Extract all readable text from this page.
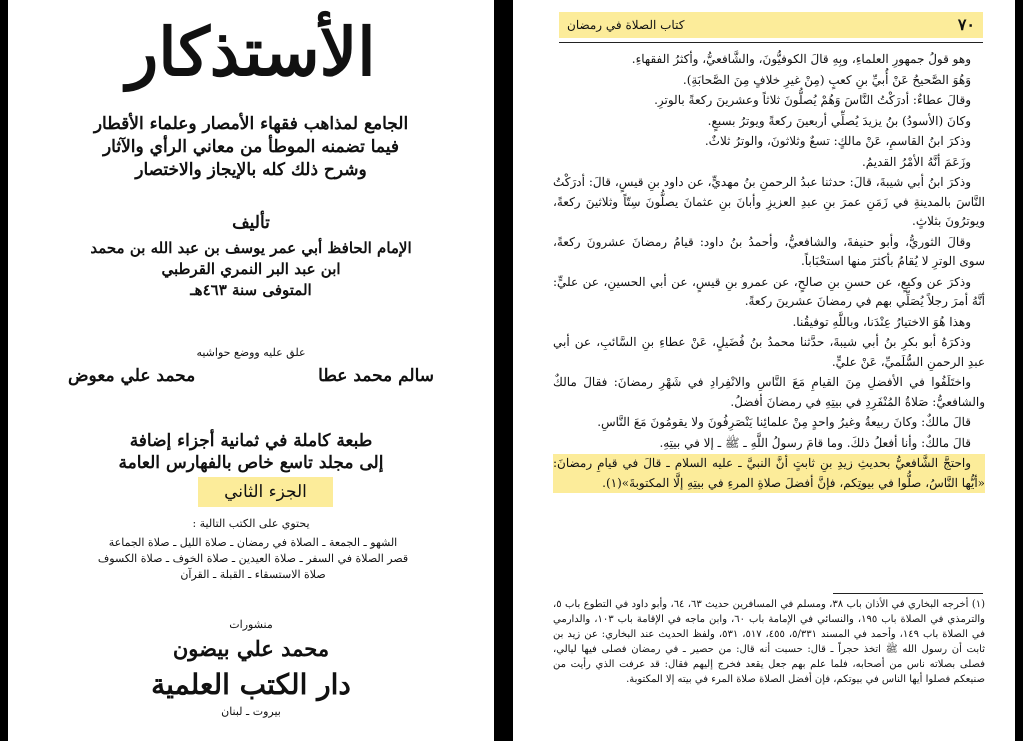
الأستذكار
الجامع لمذاهب فقهاء الأمصار وعلماء الأقطار
فيما تضمنه الموطأ من معاني الرأي والآثار
وشرح ذلك كله بالإيجاز والاختصار
تأليف
الإمام الحافظ أبي عمر يوسف بن عبد الله بن محمد
ابن عبد البر النمري القرطبي
المتوفى سنة ٤٦٣هـ
علق عليه ووضع حواشيه
سالم محمد عطا
محمد علي معوض
طبعة كاملة في ثمانية أجزاء إضافة
إلى مجلد تاسع خاص بالفهارس العامة
الجزء الثاني
يحتوي على الكتب التالية :
الشهو ـ الجمعة ـ الصلاة في رمضان ـ صلاة الليل ـ صلاة الجماعة
قصر الصلاة في السفر ـ صلاة العيدين ـ صلاة الخوف ـ صلاة الكسوف
صلاة الاستسقاء ـ القبلة ـ القرآن
منشورات
محمد علي بيضون
دار الكتب العلمية
بيروت ـ لبنان
٧٠
كتاب الصلاة في رمضان

وهو قولُ جمهورِ العلماءِ، وبِهِ قالَ الكوفيُّونَ، والشَّافعيُّ، وأكثرُ الفقهاءِ.

وَهُوَ الصَّحيحُ عَنْ أُبيِّ بنِ كعبٍ (مِنْ غيرِ خلافٍ مِنَ الصَّحابَةِ).

وقالَ عطاءٌ: أدرَكْتُ النَّاسَ وَهُمْ يُصلُّونَ ثلاثاً وعشرينَ ركعةً بالوترِ.

وكانَ (الأسودُ) بنُ يزيدَ يُصلِّي أربعينَ ركعةً ويوترُ بسبعٍ.

وذكرَ ابنُ القاسمِ، عَنْ مالكٍ: تسعٌ وثلاثونَ، والوترُ ثلاثٌ.

وزَعَمَ أنَّهُ الأمْرُ القديمُ.

وذكرَ ابنُ أبي شيبةَ، قالَ: حدثنا عبدُ الرحمنِ بنُ مهديٍّ، عن داود بنِ قيسٍ، قالَ: أدرَكْتُ النَّاسَ بالمدينةِ في زَمَنِ عمرَ بنِ عبدِ العزيزِ وأبانَ بنِ عثمانَ يصلُّونَ سِتّاً وثلاثينَ ركعةً، ويوترُونَ بثلاثٍ.

وقالَ الثوريُّ، وأبو حنيفةَ، والشافعيُّ، وأحمدُ بنُ داود: قيامُ رمضانَ عشرونَ ركعةً، سوى الوترِ لا يُقامُ بأكثرَ منها استحْبَاباً.

وذكرَ عن وكيعٍ، عن حسنِ بنِ صالحٍ، عن عمرو بنِ قيسٍ، عن أبي الحسينِ، عن عليٍّ: أنَّهُ أمرَ رجلاً يُصَلِّي بهم في رمضانَ عشرينَ ركعةً.

وهذا هُوَ الاختيارُ عِنْدَنا، وباللَّهِ توفيقُنا.

وذكرَهُ أبو بكرِ بنُ أبي شيبةَ، حدَّثنا محمدُ بنُ فُضَيلٍ، عَنْ عطاءِ بنِ السَّائبِ، عن أبي عبدِ الرحمنِ السُّلَميِّ، عَنْ عليٍّ.

واختَلَفُوا في الأفضلِ مِنَ القيامِ مَعَ النَّاسِ والانْفِرادِ في شَهْرِ رمضانَ: فقالَ مالكٌ والشافعيُّ: صَلاةُ المُنْفَرِدِ في بيتِهِ في رمضانَ أفضلُ.

قالَ مالكٌ: وكانَ ربيعةُ وغيرُ واحدٍ مِنْ علمائِنا يَنْصَرِفُونَ ولا يقومُونَ مَعَ النَّاسِ.

قالَ مالكٌ: وأنا أفعلُ ذلكَ. وما قامَ رسولُ اللَّهِ ـ ﷺ ـ إلا في بيتِهِ.

واحتجَّ الشَّافعيُّ بحديثِ زيدِ بنِ ثابتٍ أنَّ النبيَّ ـ عليه السلام ـ قالَ في قيامِ رمضانَ: «أيُّها النَّاسُ، صلُّوا في بيوتِكم، فإنَّ أفضلَ صلاةِ المرءِ في بيتِهِ إلَّا المكتوبةَ»(١).

(١) أخرجه البخاري في الأذان باب ٣٨، ومسلم في المسافرين حديث ٦٣، ٦٤، وأبو داود في التطوع باب ٥، والترمذي في الصلاة باب ١٩٥، والنسائي في الإمامة باب ٦٠، وابن ماجه في الإقامة باب ١٠٣، والدارمي في الصلاة باب ١٤٩، وأحمد في المسند ٥/٣٣١، ٤٥٥، ٥١٧، ٥٣١، ولفظ الحديث عند البخاري: عن زيد بن ثابت أن رسول الله ﷺ اتخذ حجراً ـ قال: حسبت أنه قال: من حصير ـ في رمضان فصلى فيها ليالي، فصلى بصلاته ناس من أصحابه، فلما علم بهم جعل يقعد فخرج إليهم فقال: قد عرفت الذي رأيت من صنيعكم فصلوا أيها الناس في بيوتكم، فإن أفضل الصلاة صلاة المرء في بيته إلا المكتوبة.
